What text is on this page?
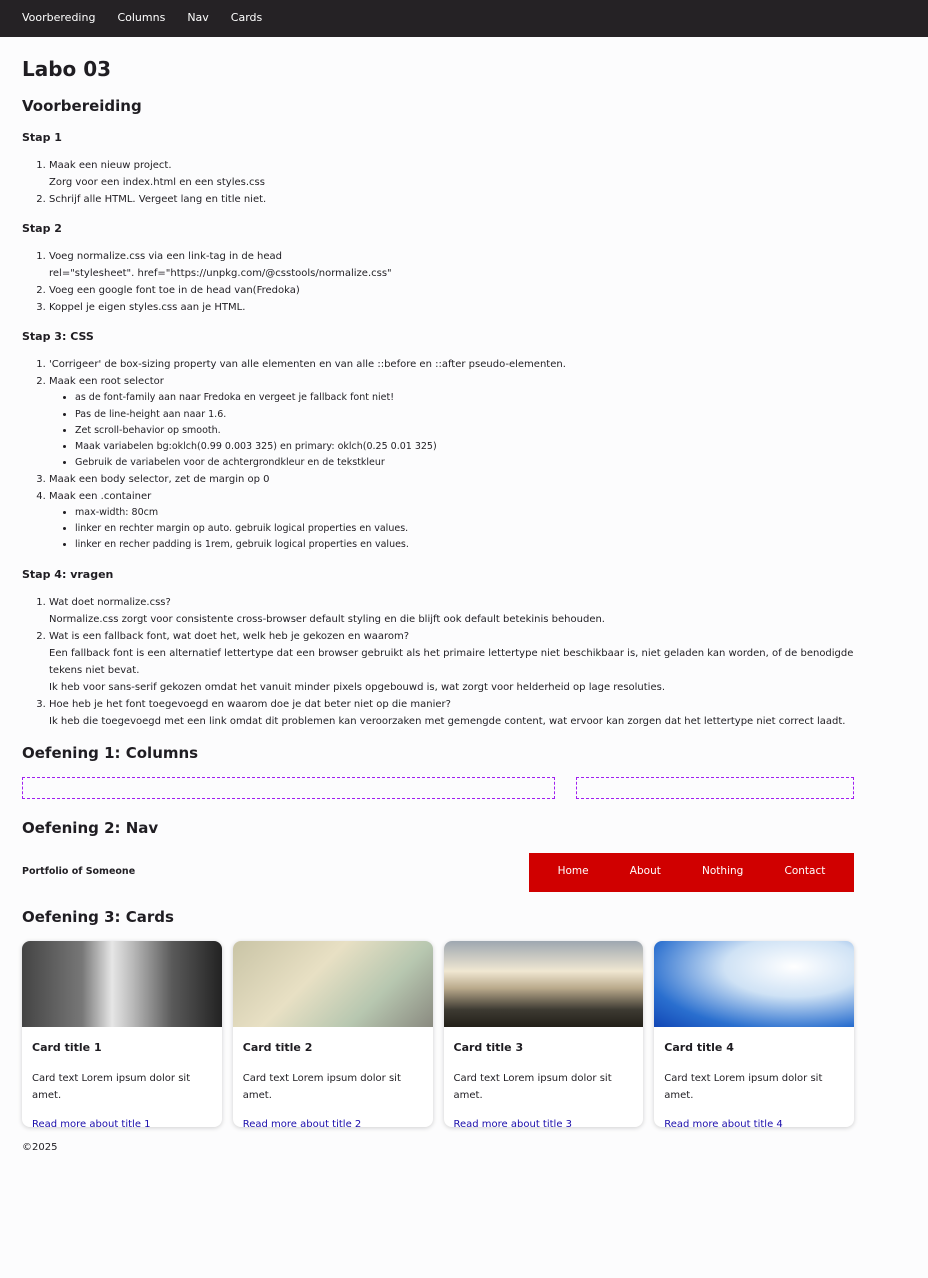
Voorbereding Columns Nav Cards
Labo 03
Voorbereiding
Stap 1
1. Maak een nieuw project.
Zorg voor een index.html en een styles.css
2. Schrijf alle HTML. Vergeet lang en title niet.
Stap 2
1. Voeg normalize.css via een link-tag in de head
rel="stylesheet". href="https://unpkg.com/@csstools/normalize.css"
2. Voeg een google font toe in de head van(Fredoka)
3. Koppel je eigen styles.css aan je HTML.
Stap 3: CSS
1. 'Corrigeer' de box-sizing property van alle elementen en van alle ::before en ::after pseudo-elementen.
2. Maak een root selector
• as de font-family aan naar Fredoka en vergeet je fallback font niet!
• Pas de line-height aan naar 1.6.
• Zet scroll-behavior op smooth.
• Maak variabelen bg:oklch(0.99 0.003 325) en primary: oklch(0.25 0.01 325)
• Gebruik de variabelen voor de achtergrondkleur en de tekstkleur
3. Maak een body selector, zet de margin op 0
4. Maak een .container
• max-width: 80cm
• linker en rechter margin op auto. gebruik logical properties en values.
• linker en recher padding is 1rem, gebruik logical properties en values.
Stap 4: vragen
1. Wat doet normalize.css?
Normalize.css zorgt voor consistente cross-browser default styling en die blijft ook default betekinis behouden.
2. Wat is een fallback font, wat doet het, welk heb je gekozen en waarom?
Een fallback font is een alternatief lettertype dat een browser gebruikt als het primaire lettertype niet beschikbaar is, niet geladen kan worden, of de benodigde tekens niet bevat.
Ik heb voor sans-serif gekozen omdat het vanuit minder pixels opgebouwd is, wat zorgt voor helderheid op lage resoluties.
3. Hoe heb je het font toegevoegd en waarom doe je dat beter niet op die manier?
Ik heb die toegevoegd met een link omdat dit problemen kan veroorzaken met gemengde content, wat ervoor kan zorgen dat het lettertype niet correct laadt.
Oefening 1: Columns
Oefening 2: Nav
Portfolio of Someone	Home	About	Nothing	Contact
Oefening 3: Cards
Card title 1
Card text Lorem ipsum dolor sit amet.
Read more about title 1
Card title 2
Card text Lorem ipsum dolor sit amet.
Read more about title 2
Card title 3
Card text Lorem ipsum dolor sit amet.
Read more about title 3
Card title 4
Card text Lorem ipsum dolor sit amet.
Read more about title 4
©2025
